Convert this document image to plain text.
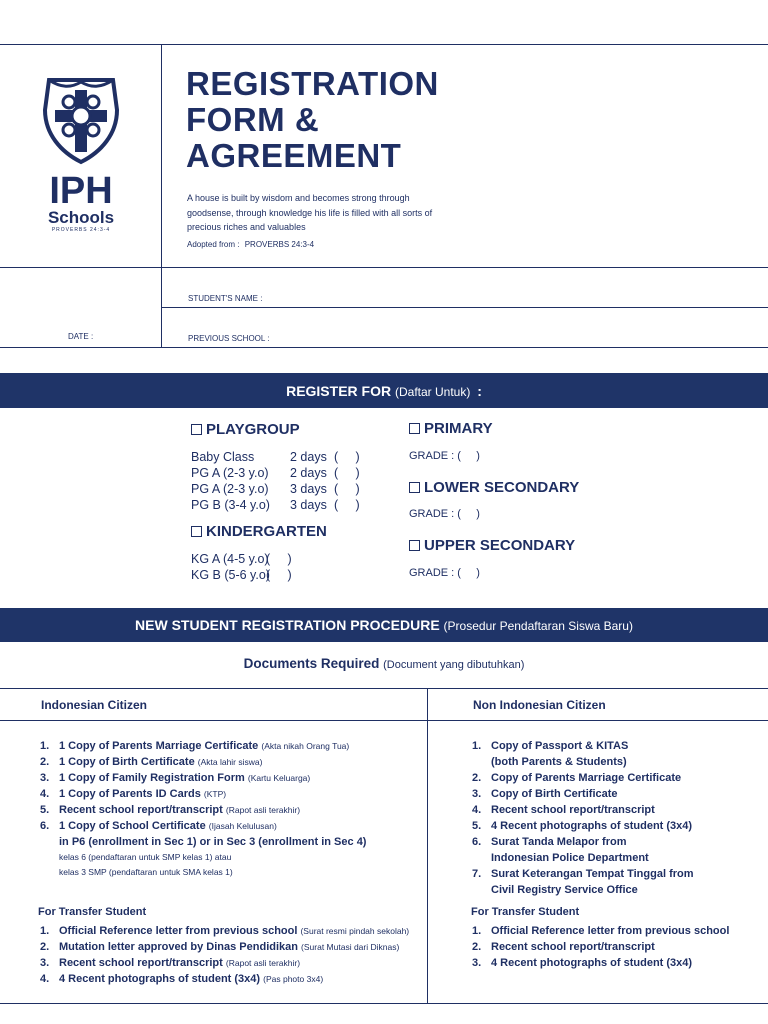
IPH
Schools
PROVERBS 24:3-4
REGISTRATION
FORM &
AGREEMENT
A house is built by wisdom and becomes strong through
goodsense, through knowledge his life is filled with all sorts of
precious riches and valuables
Adopted from : PROVERBS 24:3-4
STUDENT'S NAME :
PREVIOUS SCHOOL :
DATE :
REGISTER FOR (Daftar Untuk) :
PLAYGROUP
Baby Class	2 days (     )
PG A (2-3 y.o) 2 days (     )
PG A (2-3 y.o) 3 days (     )
PG B (3-4 y.o) 3 days (     )
KINDERGARTEN
KG A (4-5 y.o)(     )
KG B (5-6 y.o)(     )
PRIMARY
GRADE : (     )
LOWER SECONDARY
GRADE : (     )
UPPER SECONDARY
GRADE : (     )
NEW STUDENT REGISTRATION PROCEDURE (Prosedur Pendaftaran Siswa Baru)
Documents Required (Document yang dibutuhkan)
Indonesian Citizen	Non Indonesian Citizen
1. 1 Copy of Parents Marriage Certificate (Akta nikah Orang Tua)
2. 1 Copy of Birth Certificate (Akta lahir siswa)
3. 1 Copy of Family Registration Form (Kartu Keluarga)
4. 1 Copy of Parents ID Cards (KTP)
5. Recent school report/transcript (Rapot asli terakhir)
6. 1 Copy of School Certificate (Ijasah Kelulusan)
in P6 (enrollment in Sec 1) or in Sec 3 (enrollment in Sec 4)
kelas 6 (pendaftaran untuk SMP kelas 1) atau
kelas 3 SMP (pendaftaran untuk SMA kelas 1)
For Transfer Student
1. Official Reference letter from previous school (Surat resmi pindah sekolah)
2. Mutation letter approved by Dinas Pendidikan (Surat Mutasi dari Diknas)
3. Recent school report/transcript (Rapot asli terakhir)
4. 4 Recent photographs of student (3x4) (Pas photo 3x4)
1. Copy of Passport & KITAS
(both Parents & Students)
2. Copy of Parents Marriage Certificate
3. Copy of Birth Certificate
4. Recent school report/transcript
5. 4 Recent photographs of student (3x4)
6. Surat Tanda Melapor from
Indonesian Police Department
7. Surat Keterangan Tempat Tinggal from
Civil Registry Service Office
For Transfer Student
1. Official Reference letter from previous school
2. Recent school report/transcript
3. 4 Recent photographs of student (3x4)
